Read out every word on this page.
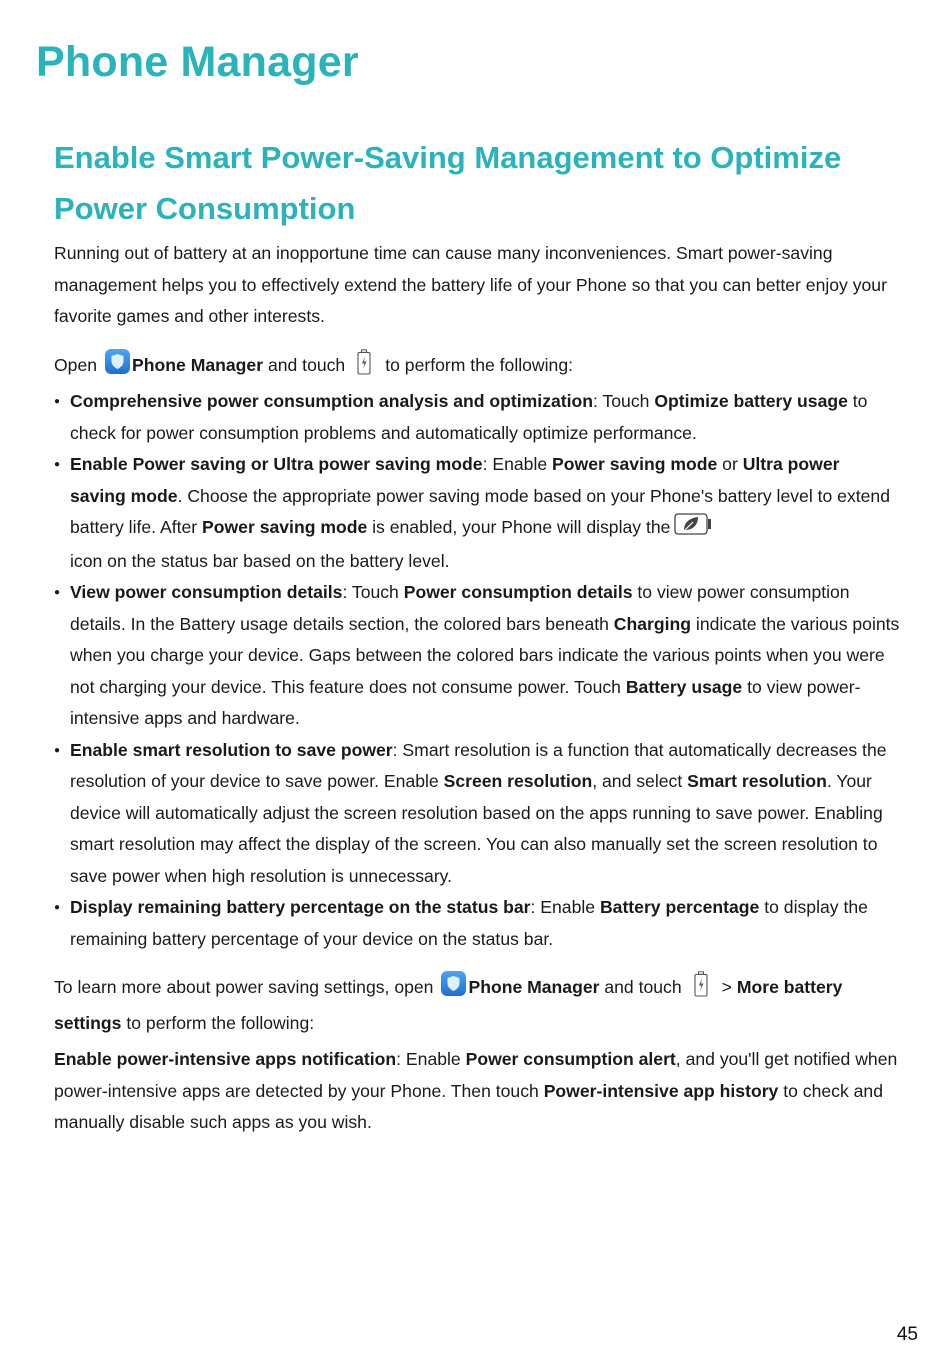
Phone Manager
Enable Smart Power-Saving Management to Optimize Power Consumption

Running out of battery at an inopportune time can cause many inconveniences. Smart power-saving management helps you to effectively extend the battery life of your Phone so that you can better enjoy your favorite games and other interests.

Open Phone Manager and touch to perform the following:

● Comprehensive power consumption analysis and optimization: Touch Optimize battery usage to check for power consumption problems and automatically optimize performance.
● Enable Power saving or Ultra power saving mode: Enable Power saving mode or Ultra power saving mode. Choose the appropriate power saving mode based on your Phone's battery level to extend battery life. After Power saving mode is enabled, your Phone will display the
icon on the status bar based on the battery level.
● View power consumption details: Touch Power consumption details to view power consumption details. In the Battery usage details section, the colored bars beneath Charging indicate the various points when you charge your device. Gaps between the colored bars indicate the various points when you were not charging your device. This feature does not consume power. Touch Battery usage to view power-intensive apps and hardware.
● Enable smart resolution to save power: Smart resolution is a function that automatically decreases the resolution of your device to save power. Enable Screen resolution, and select Smart resolution. Your device will automatically adjust the screen resolution based on the apps running to save power. Enabling smart resolution may affect the display of the screen. You can also manually set the screen resolution to save power when high resolution is unnecessary.
● Display remaining battery percentage on the status bar: Enable Battery percentage to display the remaining battery percentage of your device on the status bar.

To learn more about power saving settings, open Phone Manager and touch > More battery settings to perform the following:

Enable power-intensive apps notification: Enable Power consumption alert, and you'll get notified when power-intensive apps are detected by your Phone. Then touch Power-intensive app history to check and manually disable such apps as you wish.

45
